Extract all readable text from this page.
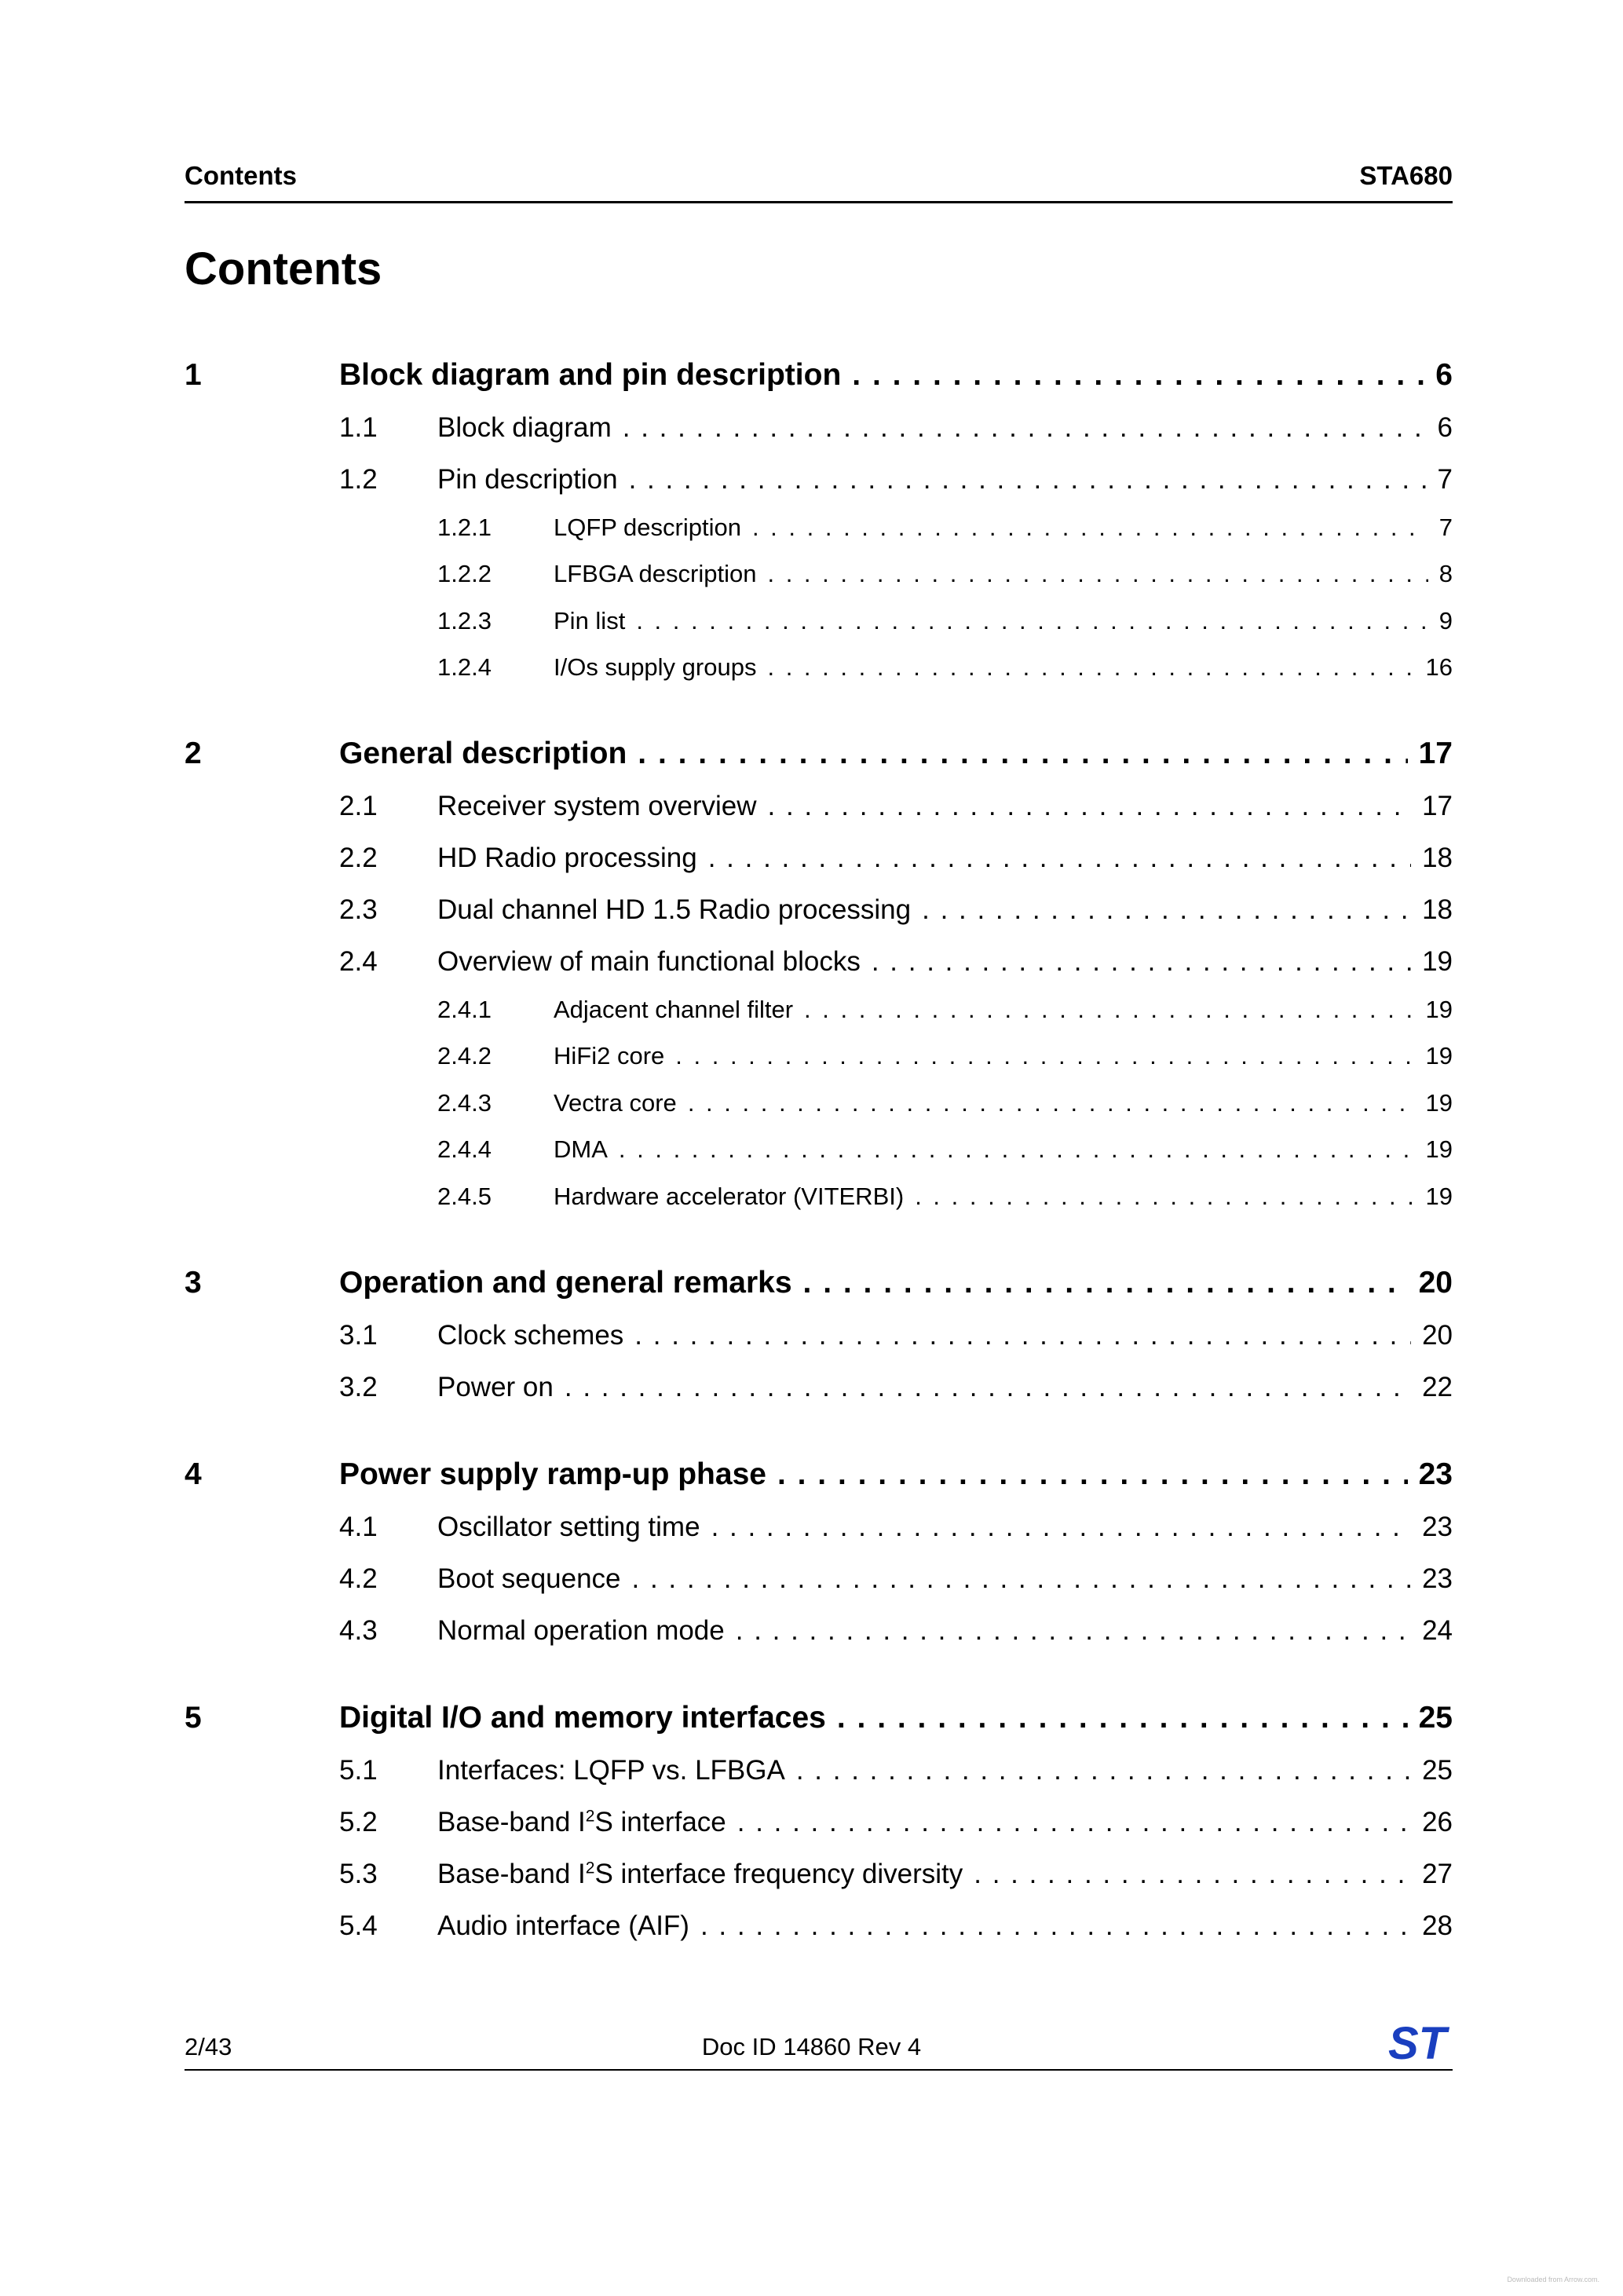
Contents	STA680
Contents
1	Block diagram and pin description . . .	6
1.1 Block diagram . . .	6
1.2 Pin description . . .	7
1.2.1	LQFP description . . .	7
1.2.2	LFBGA description . . .	8
1.2.3	Pin list . . .	9
1.2.4	I/Os supply groups . . .	16
2	General description . . .	17
2.1 Receiver system overview . . .	17
2.2 HD Radio processing . . .	18
2.3 Dual channel HD 1.5 Radio processing . . .	18
2.4 Overview of main functional blocks . . .	19
2.4.1	Adjacent channel filter . . .	19
2.4.2	HiFi2 core . . .	19
2.4.3	Vectra core . . .	19
2.4.4	DMA . . .	19
2.4.5	Hardware accelerator (VITERBI) . . .	19
3	Operation and general remarks . . .	20
3.1 Clock schemes . . .	20
3.2 Power on . . .	22
4	Power supply ramp-up phase . . .	23
4.1 Oscillator setting time . . .	23
4.2 Boot sequence . . .	23
4.3 Normal operation mode . . .	24
5	Digital I/O and memory interfaces . . .	25
5.1 Interfaces: LQFP vs. LFBGA . . .	25
5.2 Base-band $I^2S$ interface . . .	26
5.3 Base-band $I^2S$ interface frequency diversity . . .	27
5.4 Audio interface (AIF) . . .	28
2/43	Doc ID 14860 Rev 4	ST
Downloaded from Arrow.com.
